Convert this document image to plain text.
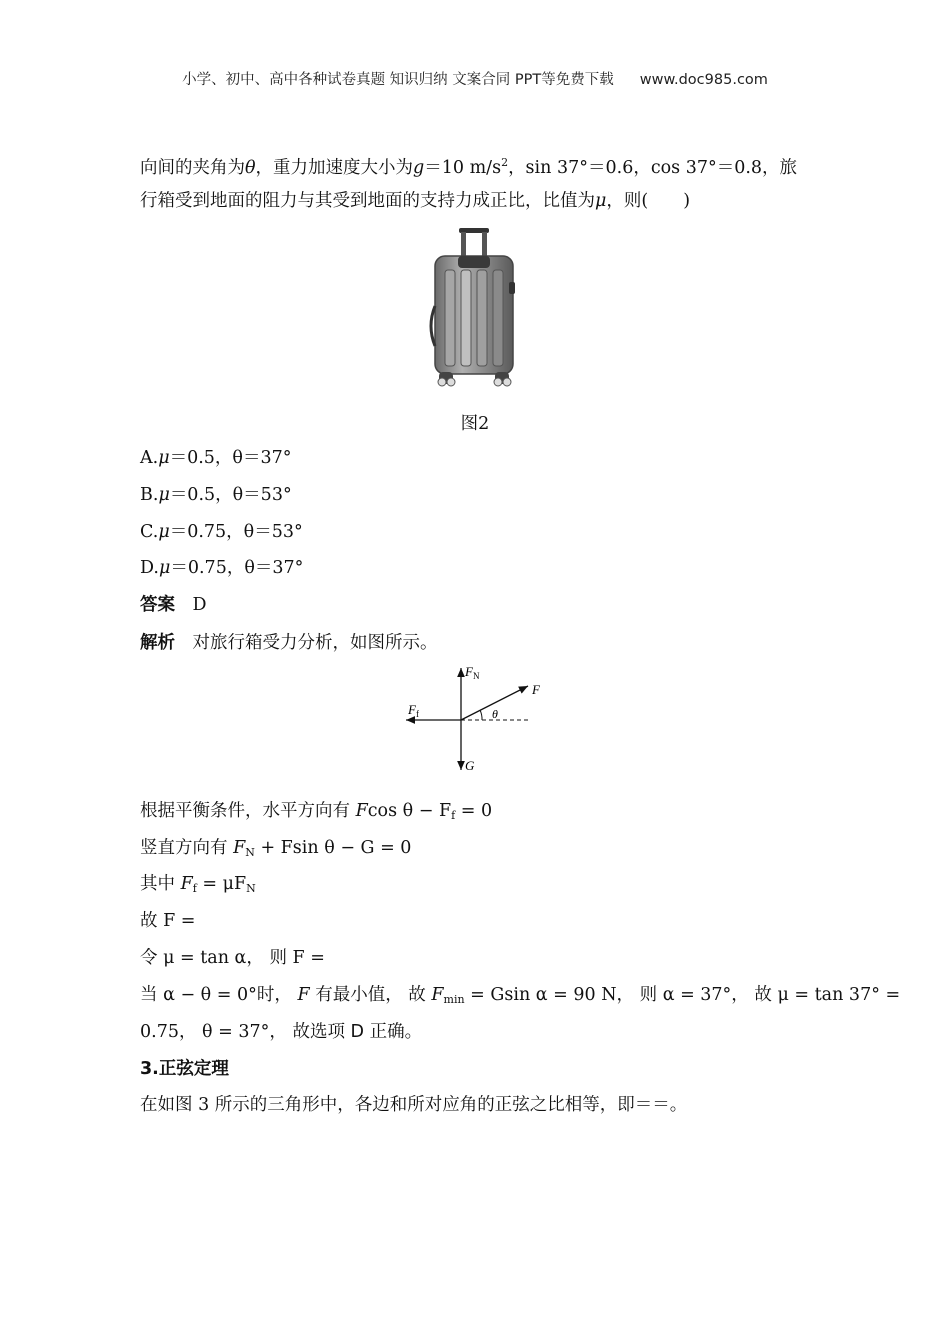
小学、初中、高中各种试卷真题 知识归纳 文案合同 PPT等免费下载 www.doc985.com
向间的夹角为θ，重力加速度大小为g＝10 $m/s^2$，sin 37°＝0.6，cos 37°＝0.8，旅
行箱受到地面的阻力与其受到地面的支持力成正比，比值为μ，则(　　)
图2
A.μ＝0.5，θ＝37°
B.μ＝0.5，θ＝53°
C.μ＝0.75，θ＝53°
D.μ＝0.75，θ＝37°
答案　 D
解析　 对旅行箱受力分析，如图所示。
$F_N$
F
$F_f$	θ
G
根据平衡条件，水平方向有 Fcos $\theta - F_f = 0$
竖直方向有 $F_N + Fsin$ θ − G = 0
其中 $F_f = \mu F_N$
故 F =
令 μ = tan α， 则 F =
当 α − θ = 0°时， F 有最小值， 故 $F_{min} = Gsin$ α = 90 N， 则 α = 37°， 故 μ = tan 37° =
0.75， θ = 37°， 故选项 D 正确。
3.正弦定理
在如图 3 所示的三角形中，各边和所对应角的正弦之比相等，即＝＝。
